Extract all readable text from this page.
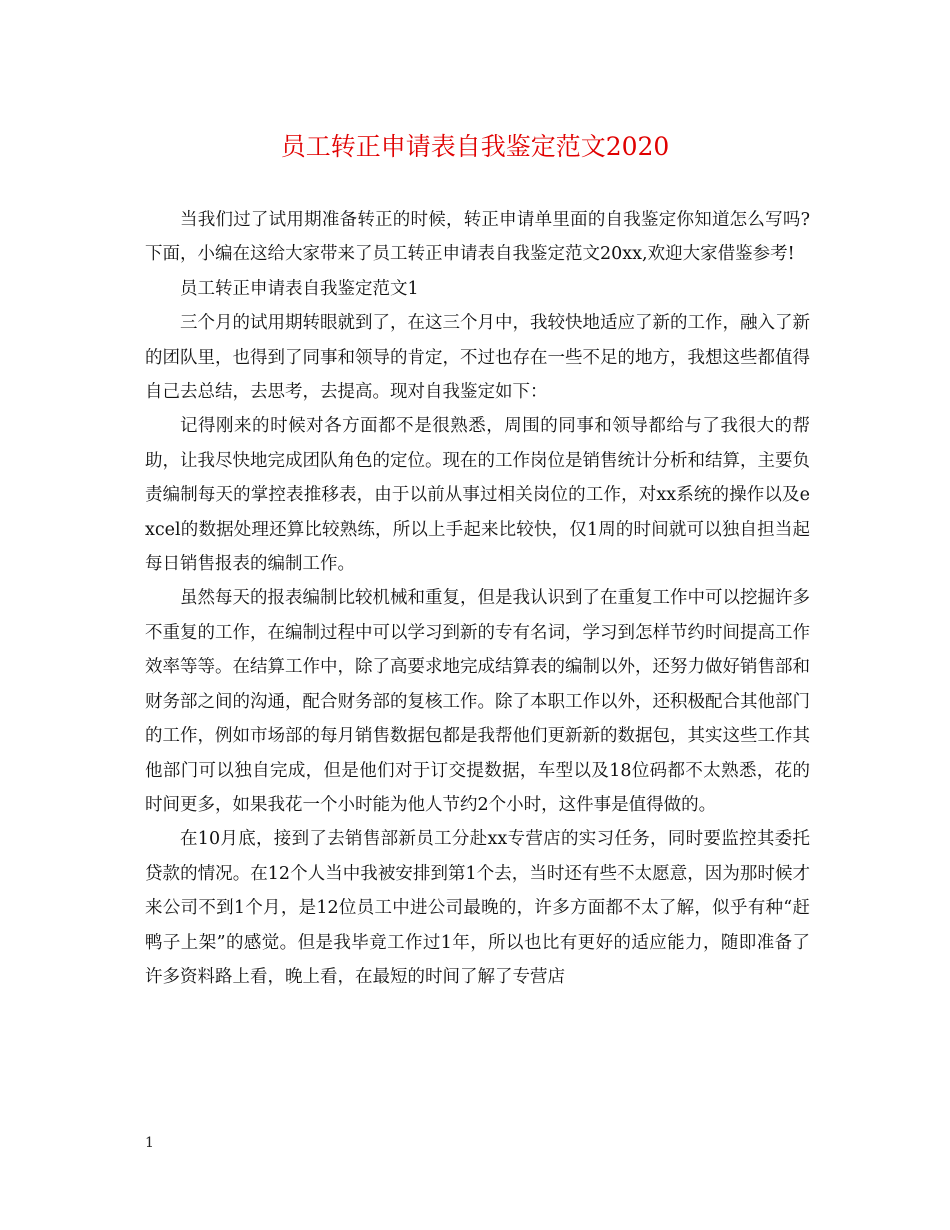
员工转正申请表自我鉴定范文2020

当我们过了试用期准备转正的时候，转正申请单里面的自我鉴定你知道怎么写吗?下面，小编在这给大家带来了员工转正申请表自我鉴定范文20xx,欢迎大家借鉴参考!

员工转正申请表自我鉴定范文1

三个月的试用期转眼就到了，在这三个月中，我较快地适应了新的工作，融入了新的团队里，也得到了同事和领导的肯定，不过也存在一些不足的地方，我想这些都值得自己去总结，去思考，去提高。现对自我鉴定如下：

记得刚来的时候对各方面都不是很熟悉，周围的同事和领导都给与了我很大的帮助，让我尽快地完成团队角色的定位。现在的工作岗位是销售统计分析和结算，主要负责编制每天的掌控表推移表，由于以前从事过相关岗位的工作，对xx系统的操作以及excel的数据处理还算比较熟练，所以上手起来比较快，仅1周的时间就可以独自担当起每日销售报表的编制工作。

虽然每天的报表编制比较机械和重复，但是我认识到了在重复工作中可以挖掘许多不重复的工作，在编制过程中可以学习到新的专有名词，学习到怎样节约时间提高工作效率等等。在结算工作中，除了高要求地完成结算表的编制以外，还努力做好销售部和财务部之间的沟通，配合财务部的复核工作。除了本职工作以外，还积极配合其他部门的工作，例如市场部的每月销售数据包都是我帮他们更新新的数据包，其实这些工作其他部门可以独自完成，但是他们对于订交提数据，车型以及18位码都不太熟悉，花的时间更多，如果我花一个小时能为他人节约2个小时，这件事是值得做的。

在10月底，接到了去销售部新员工分赴xx专营店的实习任务，同时要监控其委托贷款的情况。在12个人当中我被安排到第1个去，当时还有些不太愿意，因为那时候才来公司不到1个月，是12位员工中进公司最晚的，许多方面都不太了解，似乎有种“赶鸭子上架”的感觉。但是我毕竟工作过1年，所以也比有更好的适应能力，随即准备了许多资料路上看，晚上看，在最短的时间了解了专营店

1
